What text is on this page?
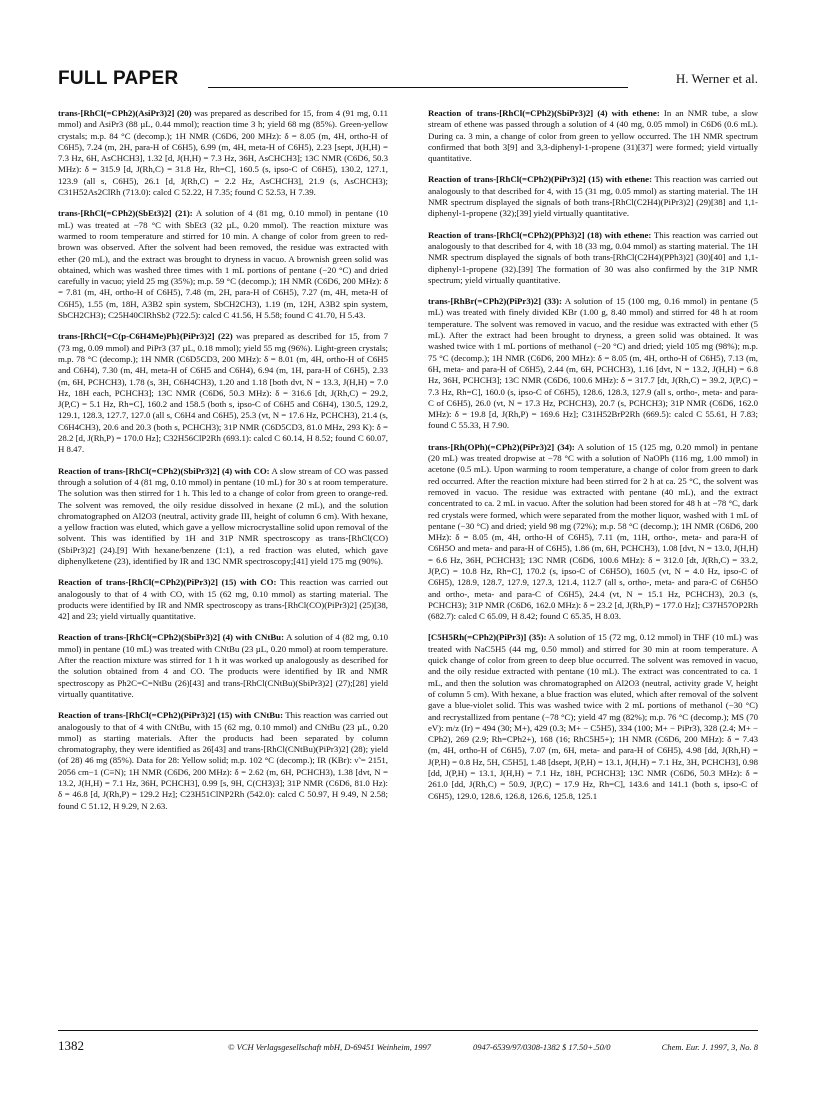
FULL PAPER	H. Werner et al.

trans-[RhCl(=CPh2)(AsiPr3)2] (20) was prepared as described for 15, from 4 (91 mg, 0.11 mmol) and AsiPr3 (88 µL, 0.44 mmol); reaction time 3 h; yield 68 mg (85%). Green-yellow crystals; m.p. 84 °C (decomp.); 1H NMR (C6D6, 200 MHz): δ = 8.05 (m, 4H, ortho-H of C6H5), 7.24 (m, 2H, para-H of C6H5), 6.99 (m, 4H, meta-H of C6H5), 2.23 [sept, J(H,H) = 7.3 Hz, 6H, AsCHCH3], 1.32 [d, J(H,H) = 7.3 Hz, 36H, AsCHCH3]; 13C NMR (C6D6, 50.3 MHz): δ = 315.9 [d, J(Rh,C) = 31.8 Hz, Rh=C], 160.5 (s, ipso-C of C6H5), 130.2, 127.1, 123.9 (all s, C6H5), 26.1 [d, J(Rh,C) = 2.2 Hz, AsCHCH3], 21.9 (s, AsCHCH3); C31H52As2ClRh (713.0): calcd C 52.22, H 7.35; found C 52.53, H 7.39.

trans-[RhCl(=CPh2)(SbEt3)2] (21): A solution of 4 (81 mg, 0.10 mmol) in pentane (10 mL) was treated at −78 °C with SbEt3 (32 µL, 0.20 mmol). The reaction mixture was warmed to room temperature and stirred for 10 min. A change of color from green to red-brown was observed. After the solvent had been removed, the residue was extracted with ether (20 mL), and the extract was brought to dryness in vacuo. A brownish green solid was obtained, which was washed three times with 1 mL portions of pentane (−20 °C) and dried carefully in vacuo; yield 25 mg (35%); m.p. 59 °C (decomp.); 1H NMR (C6D6, 200 MHz): δ = 7.81 (m, 4H, ortho-H of C6H5), 7.48 (m, 2H, para-H of C6H5), 7.27 (m, 4H, meta-H of C6H5), 1.55 (m, 18H, A3B2 spin system, SbCH2CH3), 1.19 (m, 12H, A3B2 spin system, SbCH2CH3); C25H40ClRhSb2 (722.5): calcd C 41.56, H 5.58; found C 41.70, H 5.43.

trans-[RhCl{=C(p-C6H4Me)Ph}(PiPr3)2] (22) was prepared as described for 15, from 7 (73 mg, 0.09 mmol) and PiPr3 (37 µL, 0.18 mmol); yield 55 mg (96%). Light-green crystals; m.p. 78 °C (decomp.); 1H NMR (C6D5CD3, 200 MHz): δ = 8.01 (m, 4H, ortho-H of C6H5 and C6H4), 7.30 (m, 4H, meta-H of C6H5 and C6H4), 6.94 (m, 1H, para-H of C6H5), 2.33 (m, 6H, PCHCH3), 1.78 (s, 3H, C6H4CH3), 1.20 and 1.18 [both dvt, N = 13.3, J(H,H) = 7.0 Hz, 18H each, PCHCH3]; 13C NMR (C6D6, 50.3 MHz): δ = 316.6 [dt, J(Rh,C) = 29.2, J(P,C) = 5.1 Hz, Rh=C], 160.2 and 158.5 (both s, ipso-C of C6H5 and C6H4), 130.5, 129.2, 129.1, 128.3, 127.7, 127.0 (all s, C6H4 and C6H5), 25.3 (vt, N = 17.6 Hz, PCHCH3), 21.4 (s, C6H4CH3), 20.6 and 20.3 (both s, PCHCH3); 31P NMR (C6D5CD3, 81.0 MHz, 293 K): δ = 28.2 [d, J(Rh,P) = 170.0 Hz]; C32H56ClP2Rh (693.1): calcd C 60.14, H 8.52; found C 60.07, H 8.47.

Reaction of trans-[RhCl(=CPh2)(SbiPr3)2] (4) with CO: A slow stream of CO was passed through a solution of 4 (81 mg, 0.10 mmol) in pentane (10 mL) for 30 s at room temperature. The solution was then stirred for 1 h. This led to a change of color from green to orange-red. The solvent was removed, the oily residue dissolved in hexane (2 mL), and the solution chromatographed on Al2O3 (neutral, activity grade III, height of column 6 cm). With hexane, a yellow fraction was eluted, which gave a yellow microcrystalline solid upon removal of the solvent. This was identified by 1H and 31P NMR spectroscopy as trans-[RhCl(CO)(SbiPr3)2] (24).[9] With hexane/benzene (1:1), a red fraction was eluted, which gave diphenylketene (23), identified by IR and 13C NMR spectroscopy;[41] yield 175 mg (90%).

Reaction of trans-[RhCl(=CPh2)(PiPr3)2] (15) with CO: This reaction was carried out analogously to that of 4 with CO, with 15 (62 mg, 0.10 mmol) as starting material. The products were identified by IR and NMR spectroscopy as trans-[RhCl(CO)(PiPr3)2] (25)[38, 42] and 23; yield virtually quantitative.

Reaction of trans-[RhCl(=CPh2)(SbiPr3)2] (4) with CNtBu: A solution of 4 (82 mg, 0.10 mmol) in pentane (10 mL) was treated with CNtBu (23 µL, 0.20 mmol) at room temperature. After the reaction mixture was stirred for 1 h it was worked up analogously as described for the solution obtained from 4 and CO. The products were identified by IR and NMR spectroscopy as Ph2C=C=NtBu (26)[43] and trans-[RhCl(CNtBu)(SbiPr3)2] (27);[28] yield virtually quantitative.

Reaction of trans-[RhCl(=CPh2)(PiPr3)2] (15) with CNtBu: This reaction was carried out analogously to that of 4 with CNtBu, with 15 (62 mg, 0.10 mmol) and CNtBu (23 µL, 0.20 mmol) as starting materials. After the products had been separated by column chromatography, they were identified as 26[43] and trans-[RhCl(CNtBu)(PiPr3)2] (28); yield (of 28) 46 mg (85%). Data for 28: Yellow solid; m.p. 102 °C (decomp.); IR (KBr): ν̃ = 2151, 2056 cm−1 (C≡N); 1H NMR (C6D6, 200 MHz): δ = 2.62 (m, 6H, PCHCH3), 1.38 [dvt, N = 13.2, J(H,H) = 7.1 Hz, 36H, PCHCH3], 0.99 [s, 9H, C(CH3)3]; 31P NMR (C6D6, 81.0 Hz): δ = 46.8 [d, J(Rh,P) = 129.2 Hz]; C23H51ClNP2Rh (542.0): calcd C 50.97, H 9.49, N 2.58; found C 51.12, H 9.29, N 2.63.

Reaction of trans-[RhCl(=CPh2)(SbiPr3)2] (4) with ethene: In an NMR tube, a slow stream of ethene was passed through a solution of 4 (40 mg, 0.05 mmol) in C6D6 (0.6 mL). During ca. 3 min, a change of color from green to yellow occurred. The 1H NMR spectrum confirmed that both 3[9] and 3,3-diphenyl-1-propene (31)[37] were formed; yield virtually quantitative.

Reaction of trans-[RhCl(=CPh2)(PiPr3)2] (15) with ethene: This reaction was carried out analogously to that described for 4, with 15 (31 mg, 0.05 mmol) as starting material. The 1H NMR spectrum displayed the signals of both trans-[RhCl(C2H4)(PiPr3)2] (29)[38] and 1,1-diphenyl-1-propene (32);[39] yield virtually quantitative.

Reaction of trans-[RhCl(=CPh2)(PPh3)2] (18) with ethene: This reaction was carried out analogously to that described for 4, with 18 (33 mg, 0.04 mmol) as starting material. The 1H NMR spectrum displayed the signals of both trans-[RhCl(C2H4)(PPh3)2] (30)[40] and 1,1-diphenyl-1-propene (32).[39] The formation of 30 was also confirmed by the 31P NMR spectrum; yield virtually quantitative.

trans-[RhBr(=CPh2)(PiPr3)2] (33): A solution of 15 (100 mg, 0.16 mmol) in pentane (5 mL) was treated with finely divided KBr (1.00 g, 8.40 mmol) and stirred for 48 h at room temperature. The solvent was removed in vacuo, and the residue was extracted with ether (5 mL). After the extract had been brought to dryness, a green solid was obtained. It was washed twice with 1 mL portions of methanol (−20 °C) and dried; yield 105 mg (98%); m.p. 75 °C (decomp.); 1H NMR (C6D6, 200 MHz): δ = 8.05 (m, 4H, ortho-H of C6H5), 7.13 (m, 6H, meta- and para-H of C6H5), 2.44 (m, 6H, PCHCH3), 1.16 [dvt, N = 13.2, J(H,H) = 6.8 Hz, 36H, PCHCH3]; 13C NMR (C6D6, 100.6 MHz): δ = 317.7 [dt, J(Rh,C) = 39.2, J(P,C) = 7.3 Hz, Rh=C], 160.0 (s, ipso-C of C6H5), 128.6, 128.3, 127.9 (all s, ortho-, meta- and para-C of C6H5), 26.0 (vt, N = 17.3 Hz, PCHCH3), 20.7 (s, PCHCH3); 31P NMR (C6D6, 162.0 MHz): δ = 19.8 [d, J(Rh,P) = 169.6 Hz]; C31H52BrP2Rh (669.5): calcd C 55.61, H 7.83; found C 55.33, H 7.90.

trans-[Rh(OPh)(=CPh2)(PiPr3)2] (34): A solution of 15 (125 mg, 0.20 mmol) in pentane (20 mL) was treated dropwise at −78 °C with a solution of NaOPh (116 mg, 1.00 mmol) in acetone (0.5 mL). Upon warming to room temperature, a change of color from green to dark red occurred. After the reaction mixture had been stirred for 2 h at ca. 25 °C, the solvent was removed in vacuo. The residue was extracted with pentane (40 mL), and the extract concentrated to ca. 2 mL in vacuo. After the solution had been stored for 48 h at −78 °C, dark red crystals were formed, which were separated from the mother liquor, washed with 1 mL of pentane (−30 °C) and dried; yield 98 mg (72%); m.p. 58 °C (decomp.); 1H NMR (C6D6, 200 MHz): δ = 8.05 (m, 4H, ortho-H of C6H5), 7.11 (m, 11H, ortho-, meta- and para-H of C6H5O and meta- and para-H of C6H5), 1.86 (m, 6H, PCHCH3), 1.08 [dvt, N = 13.0, J(H,H) = 6.6 Hz, 36H, PCHCH3]; 13C NMR (C6D6, 100.6 MHz): δ = 312.0 [dt, J(Rh,C) = 33.2, J(P,C) = 10.8 Hz, Rh=C], 170.2 (s, ipso-C of C6H5O), 160.5 (vt, N = 4.0 Hz, ipso-C of C6H5), 128.9, 128.7, 127.9, 127.3, 121.4, 112.7 (all s, ortho-, meta- and para-C of C6H5O and ortho-, meta- and para-C of C6H5), 24.4 (vt, N = 15.1 Hz, PCHCH3), 20.3 (s, PCHCH3); 31P NMR (C6D6, 162.0 MHz): δ = 23.2 [d, J(Rh,P) = 177.0 Hz]; C37H57OP2Rh (682.7): calcd C 65.09, H 8.42; found C 65.35, H 8.03.

[C5H5Rh(=CPh2)(PiPr3)] (35): A solution of 15 (72 mg, 0.12 mmol) in THF (10 mL) was treated with NaC5H5 (44 mg, 0.50 mmol) and stirred for 30 min at room temperature. A quick change of color from green to deep blue occurred. The solvent was removed in vacuo, and the oily residue extracted with pentane (10 mL). The extract was concentrated to ca. 1 mL, and then the solution was chromatographed on Al2O3 (neutral, activity grade V, height of column 5 cm). With hexane, a blue fraction was eluted, which after removal of the solvent gave a blue-violet solid. This was washed twice with 2 mL portions of methanol (−30 °C) and recrystallized from pentane (−78 °C); yield 47 mg (82%); m.p. 76 °C (decomp.); MS (70 eV): m/z (Ir) = 494 (30; M+), 429 (0.3; M+ − C5H5), 334 (100; M+ − PiPr3), 328 (2.4; M+ − CPh2), 269 (2.9; Rh=CPh2+), 168 (16; RhC5H5+); 1H NMR (C6D6, 200 MHz): δ = 7.43 (m, 4H, ortho-H of C6H5), 7.07 (m, 6H, meta- and para-H of C6H5), 4.98 [dd, J(Rh,H) = J(P,H) = 0.8 Hz, 5H, C5H5], 1.48 [dsept, J(P,H) = 13.1, J(H,H) = 7.1 Hz, 3H, PCHCH3], 0.98 [dd, J(P,H) = 13.1, J(H,H) = 7.1 Hz, 18H, PCHCH3]; 13C NMR (C6D6, 50.3 MHz): δ = 261.0 [dd, J(Rh,C) = 50.9, J(P,C) = 17.9 Hz, Rh=C], 143.6 and 141.1 (both s, ipso-C of C6H5), 129.0, 128.6, 126.8, 126.6, 125.8, 125.1

1382	© VCH Verlagsgesellschaft mbH, D-69451 Weinheim, 1997	0947-6539/97/0308-1382 $ 17.50+.50/0	Chem. Eur. J. 1997, 3, No. 8
